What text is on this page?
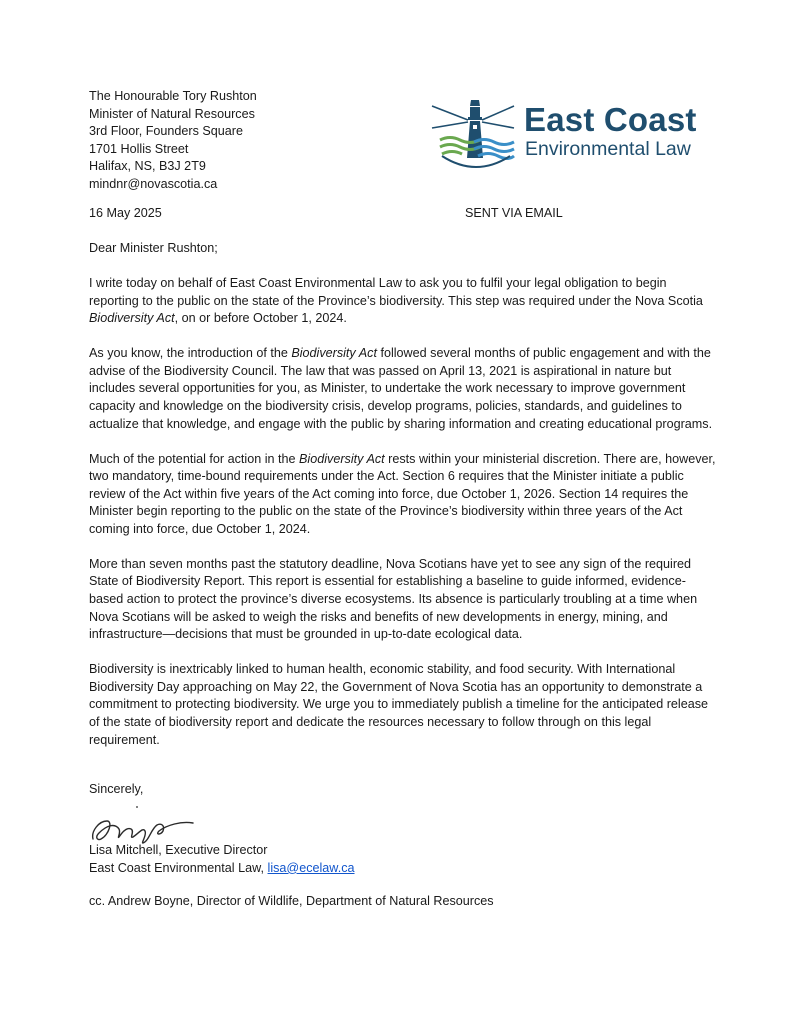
The Honourable Tory Rushton
Minister of Natural Resources
3rd Floor, Founders Square
1701 Hollis Street
Halifax, NS, B3J 2T9
mindnr@novascotia.ca
East Coast
Environmental Law
16 May 2025	SENT VIA EMAIL

Dear Minister Rushton;

I write today on behalf of East Coast Environmental Law to ask you to fulfil your legal obligation to begin reporting to the public on the state of the Province’s biodiversity. This step was required under the Nova Scotia Biodiversity Act, on or before October 1, 2024.

As you know, the introduction of the Biodiversity Act followed several months of public engagement and with the advise of the Biodiversity Council. The law that was passed on April 13, 2021 is aspirational in nature but includes several opportunities for you, as Minister, to undertake the work necessary to improve government capacity and knowledge on the biodiversity crisis, develop programs, policies, standards, and guidelines to actualize that knowledge, and engage with the public by sharing information and creating educational programs.

Much of the potential for action in the Biodiversity Act rests within your ministerial discretion. There are, however, two mandatory, time-bound requirements under the Act. Section 6 requires that the Minister initiate a public review of the Act within five years of the Act coming into force, due October 1, 2026. Section 14 requires the Minister begin reporting to the public on the state of the Province’s biodiversity within three years of the Act coming into force, due October 1, 2024.

More than seven months past the statutory deadline, Nova Scotians have yet to see any sign of the required State of Biodiversity Report. This report is essential for establishing a baseline to guide informed, evidence-based action to protect the province’s diverse ecosystems. Its absence is particularly troubling at a time when Nova Scotians will be asked to weigh the risks and benefits of new developments in energy, mining, and infrastructure—decisions that must be grounded in up-to-date ecological data.

Biodiversity is inextricably linked to human health, economic stability, and food security. With International Biodiversity Day approaching on May 22, the Government of Nova Scotia has an opportunity to demonstrate a commitment to protecting biodiversity. We urge you to immediately publish a timeline for the anticipated release of the state of biodiversity report and dedicate the resources necessary to follow through on this legal requirement.

Sincerely,
Lisa Mitchell, Executive Director
East Coast Environmental Law, lisa@ecelaw.ca
cc. Andrew Boyne, Director of Wildlife, Department of Natural Resources
